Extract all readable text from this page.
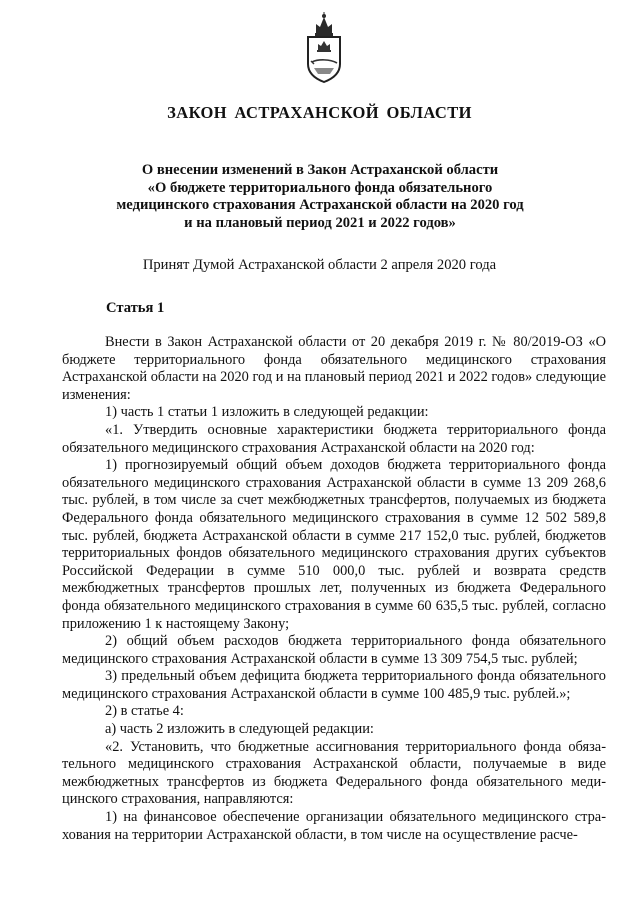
ЗАКОН АСТРАХАНСКОЙ ОБЛАСТИ
О внесении изменений в Закон Астраханской области
«О бюджете территориального фонда обязательного
медицинского страхования Астраханской области на 2020 год
и на плановый период 2021 и 2022 годов»
Принят Думой Астраханской области 2 апреля 2020 года
Статья 1

Внести в Закон Астраханской области от 20 декабря 2019 г. № 80/2019-ОЗ «О бюджете территориального фонда обязательного медицинского страхования Астраханской области на 2020 год и на плановый период 2021 и 2022 годов» следующие изменения:

1) часть 1 статьи 1 изложить в следующей редакции:

«1. Утвердить основные характеристики бюджета территориального фонда обязательного медицинского страхования Астраханской области на 2020 год:

1) прогнозируемый общий объем доходов бюджета территориального фонда обязательного медицинского страхования Астраханской области в сумме 13 209 268,6 тыс. рублей, в том числе за счет межбюджетных трансфертов, получаемых из бюджета Федерального фонда обязательного медицинского страхования в сумме 12 502 589,8 тыс. рублей, бюджета Астраханской области в сумме 217 152,0 тыс. рублей, бюджетов территориальных фондов обязательного медицинского страхования других субъектов Российской Федерации в сумме 510 000,0 тыс. рублей и возврата средств межбюджетных трансфертов прошлых лет, полученных из бюджета Федерального фонда обязательного медицинского страхования в сумме 60 635,5 тыс. рублей, согласно приложению 1 к настоящему Закону;

2) общий объем расходов бюджета территориального фонда обязательного медицинского страхования Астраханской области в сумме 13 309 754,5 тыс. рублей;

3) предельный объем дефицита бюджета территориального фонда обязательного медицинского страхования Астраханской области в сумме 100 485,9 тыс. рублей.»;

2) в статье 4:

а) часть 2 изложить в следующей редакции:

«2. Установить, что бюджетные ассигнования территориального фонда обязательного медицинского страхования Астраханской области, получаемые в виде межбюджетных трансфертов из бюджета Федерального фонда обязательного медицинского страхования, направляются:

1) на финансовое обеспечение организации обязательного медицинского страхования на территории Астраханской области, в том числе на осуществление расче-
